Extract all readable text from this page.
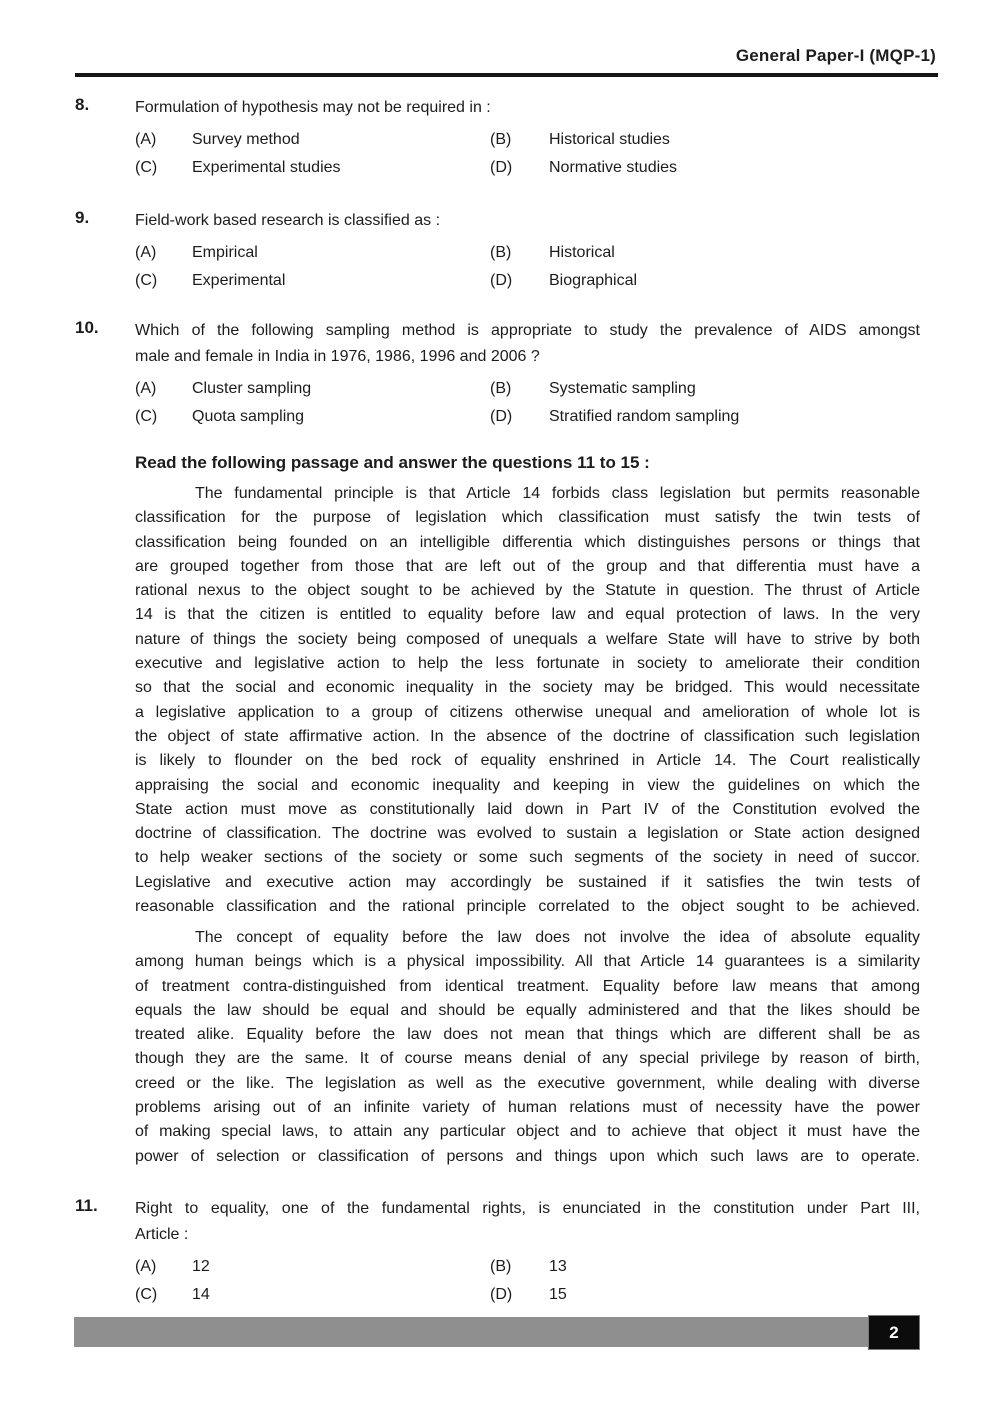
General Paper-I (MQP-1)
8.	Formulation of hypothesis may not be required in :
(A) Survey method	(B) Historical studies
(C) Experimental studies	(D) Normative studies
9.	Field-work based research is classified as :
(A) Empirical	(B) Historical
(C) Experimental	(D) Biographical
10. Which of the following sampling method is appropriate to study the prevalence of AIDS amongst
male and female in India in 1976, 1986, 1996 and 2006 ?
(A) Cluster sampling	(B) Systematic sampling
(C) Quota sampling	(D) Stratified random sampling
Read the following passage and answer the questions 11 to 15 :
The fundamental principle is that Article 14 forbids class legislation but permits reasonable
classification for the purpose of legislation which classification must satisfy the twin tests of
classification being founded on an intelligible differentia which distinguishes persons or things that
are grouped together from those that are left out of the group and that differentia must have a
rational nexus to the object sought to be achieved by the Statute in question. The thrust of Article
14 is that the citizen is entitled to equality before law and equal protection of laws. In the very
nature of things the society being composed of unequals a welfare State will have to strive by both
executive and legislative action to help the less fortunate in society to ameliorate their condition
so that the social and economic inequality in the society may be bridged. This would necessitate
a legislative application to a group of citizens otherwise unequal and amelioration of whole lot is
the object of state affirmative action. In the absence of the doctrine of classification such legislation
is likely to flounder on the bed rock of equality enshrined in Article 14. The Court realistically
appraising the social and economic inequality and keeping in view the guidelines on which the
State action must move as constitutionally laid down in Part IV of the Constitution evolved the
doctrine of classification. The doctrine was evolved to sustain a legislation or State action designed
to help weaker sections of the society or some such segments of the society in need of succor.
Legislative and executive action may accordingly be sustained if it satisfies the twin tests of
reasonable classification and the rational principle correlated to the object sought to be achieved.
The concept of equality before the law does not involve the idea of absolute equality
among human beings which is a physical impossibility. All that Article 14 guarantees is a similarity
of treatment contra-distinguished from identical treatment. Equality before law means that among
equals the law should be equal and should be equally administered and that the likes should be
treated alike. Equality before the law does not mean that things which are different shall be as
though they are the same. It of course means denial of any special privilege by reason of birth,
creed or the like. The legislation as well as the executive government, while dealing with diverse
problems arising out of an infinite variety of human relations must of necessity have the power
of making special laws, to attain any particular object and to achieve that object it must have the
power of selection or classification of persons and things upon which such laws are to operate.
11. Right to equality, one of the fundamental rights, is enunciated in the constitution under Part III,
Article :
(A) 12	(B) 13
(C) 14	(D) 15
2
